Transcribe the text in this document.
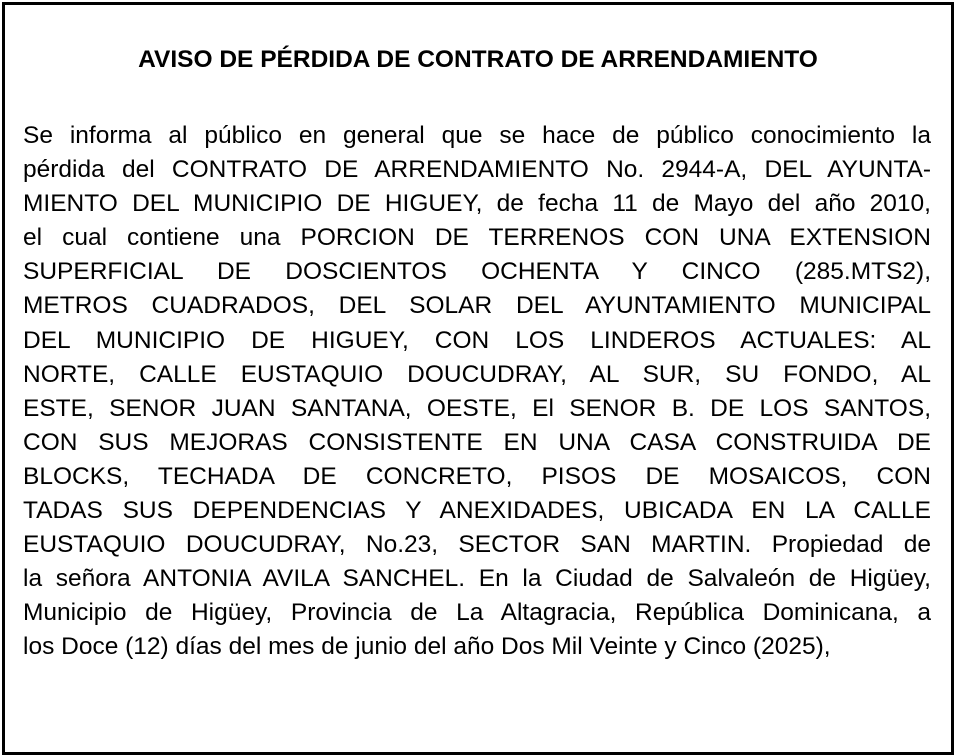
AVISO DE PÉRDIDA DE CONTRATO DE ARRENDAMIENTO
Se informa al público en general que se hace de público conocimiento la
pérdida del CONTRATO DE ARRENDAMIENTO No. 2944-A, DEL AYUNTA-
MIENTO DEL MUNICIPIO DE HIGUEY, de fecha 11 de Mayo del año 2010,
el cual contiene una PORCION DE TERRENOS CON UNA EXTENSION
SUPERFICIAL DE DOSCIENTOS OCHENTA Y CINCO (285.MTS2),
METROS CUADRADOS, DEL SOLAR DEL AYUNTAMIENTO MUNICIPAL
DEL MUNICIPIO DE HIGUEY, CON LOS LINDEROS ACTUALES: AL
NORTE, CALLE EUSTAQUIO DOUCUDRAY, AL SUR, SU FONDO, AL
ESTE, SENOR JUAN SANTANA, OESTE, El SENOR B. DE LOS SANTOS,
CON SUS MEJORAS CONSISTENTE EN UNA CASA CONSTRUIDA DE
BLOCKS, TECHADA DE CONCRETO, PISOS DE MOSAICOS, CON
TADAS SUS DEPENDENCIAS Y ANEXIDADES, UBICADA EN LA CALLE
EUSTAQUIO DOUCUDRAY, No.23, SECTOR SAN MARTIN. Propiedad de
la señora ANTONIA AVILA SANCHEL. En la Ciudad de Salvaleón de Higüey,
Municipio de Higüey, Provincia de La Altagracia, República Dominicana, a
los Doce (12) días del mes de junio del año Dos Mil Veinte y Cinco (2025),
